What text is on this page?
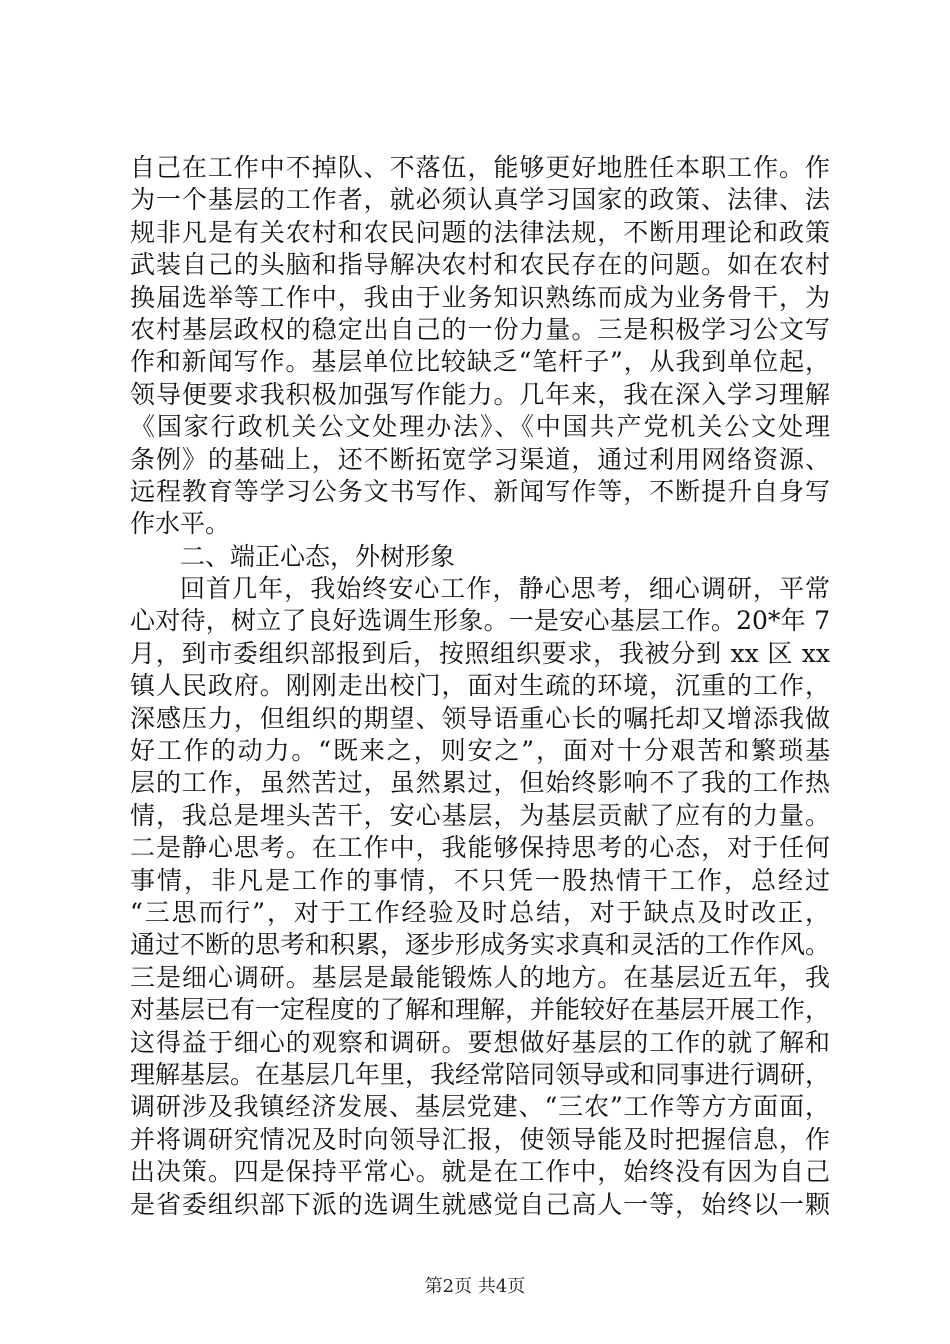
自己在工作中不掉队、不落伍，能够更好地胜任本职工作。作
为一个基层的工作者，就必须认真学习国家的政策、法律、法
规非凡是有关农村和农民问题的法律法规，不断用理论和政策
武装自己的头脑和指导解决农村和农民存在的问题。如在农村
换届选举等工作中，我由于业务知识熟练而成为业务骨干，为
农村基层政权的稳定出自己的一份力量。三是积极学习公文写
作和新闻写作。基层单位比较缺乏“笔杆子”，从我到单位起，
领导便要求我积极加强写作能力。几年来，我在深入学习理解
《国家行政机关公文处理办法》、《中国共产党机关公文处理
条例》的基础上，还不断拓宽学习渠道，通过利用网络资源、
远程教育等学习公务文书写作、新闻写作等，不断提升自身写
作水平。
二、端正心态，外树形象
回首几年，我始终安心工作，静心思考，细心调研，平常
心对待，树立了良好选调生形象。一是安心基层工作。20*年 7
月，到市委组织部报到后，按照组织要求，我被分到 xx 区 xx
镇人民政府。刚刚走出校门，面对生疏的环境，沉重的工作，
深感压力，但组织的期望、领导语重心长的嘱托却又增添我做
好工作的动力。“既来之，则安之”，面对十分艰苦和繁琐基
层的工作，虽然苦过，虽然累过，但始终影响不了我的工作热
情，我总是埋头苦干，安心基层，为基层贡献了应有的力量。
二是静心思考。在工作中，我能够保持思考的心态，对于任何
事情，非凡是工作的事情，不只凭一股热情干工作，总经过
“三思而行”，对于工作经验及时总结，对于缺点及时改正，
通过不断的思考和积累，逐步形成务实求真和灵活的工作作风。
三是细心调研。基层是最能锻炼人的地方。在基层近五年，我
对基层已有一定程度的了解和理解，并能较好在基层开展工作，
这得益于细心的观察和调研。要想做好基层的工作的就了解和
理解基层。在基层几年里，我经常陪同领导或和同事进行调研，
调研涉及我镇经济发展、基层党建、“三农”工作等方方面面，
并将调研究情况及时向领导汇报，使领导能及时把握信息，作
出决策。四是保持平常心。就是在工作中，始终没有因为自己
是省委组织部下派的选调生就感觉自己高人一等，始终以一颗
第2页 共4页
